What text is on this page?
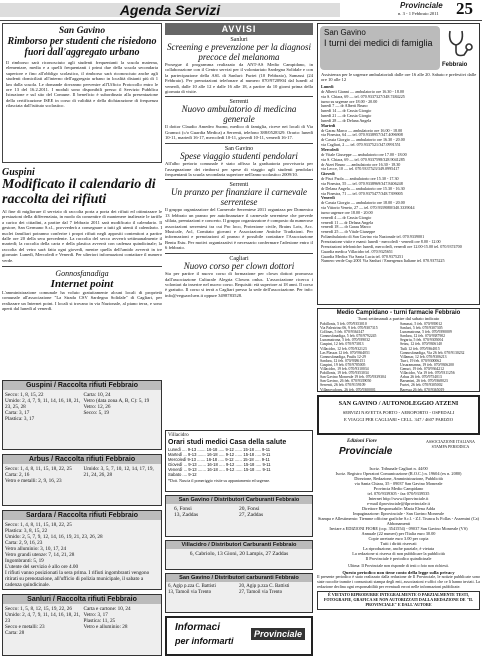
Agenda Servizi	Provinciale
n. 3 - 1 Febbraio 2011 25
San Gavino
Rimborso per studenti che risiedono fuori dall'aggregato urbano
Il rimborso sarà riconosciuto agli studenti frequentanti la scuola materna, elementare, media e a quelli frequentanti i primi due della scuola secondaria superiore e fino all'obbligo scolastico, il rimborso sarà riconosciuto anche agli studenti domiciliati all'interno dell'aggregato urbano in località distanti più di 1 km dalla scuola. Le domande dovranno pervenire all'Ufficio Protocollo entro le ore 13 del 16.2.2011. I moduli sono disponibili presso il Servizio Pubblica Istruzione e sul sito del Comune. Il beneficio è subordinato alla presentazione della certificazione ISEE in corso di validità e della dichiarazione di frequenza rilasciata dall'istituto scolastico.
Guspini
Modificato il calendario di raccolta dei rifiuti
Al fine di migliorare il servizio di raccolta porta a porta dei rifiuti ed ottimizzare le prestazioni della differenziata, in modo da consentire di mantenere inalterate le tariffe a carico dei cittadini, a partire dal 7 febbraio 2011 sarà modificato il calendario. Il gestore, San Germano S.r.l., provvederà a consegnare a tutti gli utenti il calendario. I nuclei familiari potranno conferire i propri rifiuti negli appositi contenitori a partire dalle ore 20 della sera precedente. La raccolta del secco avverrà settimanalmente il martedì; la raccolta della carta e della plastica avverrà con cadenza quindicinale; la raccolta del vetro sarà fatta ogni giovedì, mentre quella dell'umido avverrà in tre giornate: Lunedì, Mercoledì e Venerdì. Per ulteriori informazioni contattare il numero verde.
Gonnosfanadiga
Internet point
L'amministrazione comunale ha voluto gratuitamente alcuni locali di proprietà comunale all'associazione "La Strada CSV Sardegna Solidale" di Cagliari, per realizzare un Internet point. I locali si trovano in via Nazionale, al piano terra, e sono aperti dal lunedì al venerdì.
Guspini / Raccolta rifiuti Febbraio
Secco: 1, 8, 15, 22
Umido: 2, 4, 7, 9, 11, 14, 16, 18, 21, 23, 25, 28
Carta: 3, 17
Plastica: 3, 17
Carta: 10, 24
Vetro (data zona A, B, C): 5, 19
Vetro: 12, 26
Secco: 5, 19
Arbus / Raccolta rifiuti Febbraio
Secco: 1, 4, 8, 11, 15, 18, 22, 25
Carta: 2, 16
Vetro e metalli: 2, 9, 16, 23
Umido: 3, 5, 7, 10, 12, 14, 17, 19, 21, 24, 26, 28
Sardara / Raccolta rifiuti Febbraio
Secco: 1, 4, 8, 11, 15, 18, 22, 25
Plastica: 3, 8, 15, 22
Umido: 2, 5, 7, 9, 12, 14, 16, 19, 21, 23, 26, 28
Carta: 2, 9, 16, 23
Vetro alluminio: 3, 10, 17, 24
Vetro grandi utenze: 7, 14, 21, 28
Ingombranti: 5, 19
L'utente del servizio è allo ore 4.00
I rifiuti vanno posizionati la sera prima. I rifiuti ingombranti vengono ritirati su prenotazione, all'ufficio di polizia municipale, il sabato a cadenza quindicinale.
Sanluri / Raccolta rifiuti Febbraio
Secco: 1, 5, 8, 12, 15, 19, 22, 26
Umido: 2, 4, 7, 9, 11, 14, 16, 18, 21, 23
Secco e metalli: 23
Carta: 28
Carta e cartone: 10, 24
Vetro: 3, 17
Plastica: 11, 25
Vetro e alluminio: 28
AVVISI
Sanluri
Screening e prevenzione per la diagnosi precoce del melanoma
Prosegue il programma realizzato da ANT-AS Medio Campidano, in collaborazione con il Centro servizi per il volontariato Sardegna Solidale e con la partecipazione della ASL di Sanluri: Furtei (10 Febbraio), Samassi (24 Febbraio). Per prenotazioni telefonare al numero 070/9720904 dal lunedì al venerdì, dalle 10 alle 12 e dalle 16 alle 18, a partire da 10 giorni prima della giornata di visite.
Serrenti
Nuovo ambulatorio di medicina generale
Il dottor Claudio Amedeo Suono, medico di famiglia, riceve nei locali di Via Gramsci (c/o Guardia Medica) a Serrenti, telefono 388/0528329. Orario: lunedì 10-11, martedì 16-17, mercoledì 10-11, giovedì 10-11, venerdì 16-17.
San Gavino
Spese viaggio studenti pendolari
All'albo pretorio comunale è stato affisso la graduatoria provvisoria per l'assegnazione dei rimborsi per spese di viaggio agli studenti pendolari frequentanti la scuola secondaria superiore nell'anno scolastico 2009/10.
Serrenti
Un pranzo per finanziare il carnevale serrentese
Il gruppo organizzatore del Carnevale Serrentese 2011 organizza per Domenica 13 febbraio un pranzo per autofinanziare il carnevale serrentese che prevede sfilata, premiazioni e concerto. Il gruppo organizzatore è composto da numerose associazioni serrentesi tra cui Pro loco, Protezione civile, Brains Lots, Acc. Musicale, Acl, Comitato giovani e Associazione Antiche Tradizioni. Per informazioni e prenotazioni al pranzo è possibile contattare l'Associazione Bentu Estu. Per motivi organizzativi è necessario confermare l'adesione entro il 6 febbraio.
Cagliari
Nuovo corso per clown dottori
Sta per partire il nuovo corso di formazione per clown dottori promosso dall'associazione Culturale Alegria Clowns onlus. L'associazione ricerca i volontari da inserire nel nuovo corso. Requisiti: età superiore ai 18 anni. Il corso è gratuito. Il corso si terrà a Cagliari presso la sede dell'associazione. Per info: info@veguarcluvn.it oppure 3498783528.
Villacidro
Orari studi medici Casa della salute
Lunedì .... 9-13 ....... 16-18 ..... 9-12 ...... 15-18 ..... 9-11
Martedì ... 9-13 ....... 16-18 ..... 9-12 ...... 15-18 ..... 9-11
Mercoledì 9-13 ....... 16-18 ..... 9-12 ...... 15-18 ..... 9-11
Giovedì ... 9-13 ....... 16-18 ..... 9-12 ...... 15-18 ..... 9-11
Venerdì ... 9-13 ....... 16-18 ..... 9-12 ...... 15-18 ..... 9-11
Sabato .... 9-12
*Dott. Nuscia il pomeriggio visite su appuntamento ed urgenze.
San Gavino / Distributori Carburanti Febbraio
6, Fonsi
13, Zaddas
20, Fonsi
27, Zaddas
Villacidro / Distributori Carburanti Febbraio
6, Cabriolo, 13 Gioni, 20 Lampis, 27 Zaddas
San Gavino / Distributori carburanti Febbraio
6, Agip p.zza C. Battisti
13, Tamoil via Trento
20, Agip p.zza C. Battisti
27, Tamoil via Trento
Informaci
per informarti
Provinciale
San Gavino
I turni dei medici di famiglia
Febbraio
Assistenza per le urgenze ambulatoriali dalle ore 16 alle 20. Sabato e prefestivi dalle ore 10 alle 12
Lunedì
dr Alberti Gianni — ambulatorio ore 16.30 - 18.00
via S. Chiara, 69 — tel. 070.9337327/348.7484225
turno su urgenze ore 18.00 - 20.00
lunedì 7 — dr Alberti Bruno
lunedì 14 — dr Cassia Giorgio
lunedì 21 — dr Cassia Giorgio
lunedì 28 — dr Delana Angela
Martedì
dr Garau Marco — ambulatorio ore 16.00 - 18.00
via Finestra, 64 — tel. 070.9338957/347.4096908
dr Cassia Giorgio — ambulatorio ore 16.30 - 20.00
via Cagliari, 2 — tel. 070.9337521/347.0991551
Mercoledì
dr Vitale Giuseppe — ambulatorio ore 17.00 - 18.00
via S. Chiara, 69 — tel. 070.9337598/328.9041285
dr Atzei Bruno — ambulatorio ore 16.30 - 18.30
via Lecce, 10 — tel. 070.9337523/349.0995417
Giovedì
dr Pisci Paola — ambulatorio ore 15.30 - 17.30
via Finestra, 55 — tel. 070.9338969/347.8406248
dr Delana Angela — ambulatorio ore 15.30 - 16.30
via Finestra, 71 — tel. 070.9375477/348.7399005
Venerdì
dr Cassia Giorgio — ambulatorio ore 18.00 - 20.00
via Vittorio Veneto, 27 — tel. 070.9339080/340.3339044
turno urgenze ore 18.00 - 20.00
venerdì 4 — dr Cassia Giorgio
venerdì 11 — dr Delana Angela
venerdì 18 — dr Garau Marco
venerdì 25 — dr Vitale Giuseppe
Poliambulatorio di San Gavino via Nazionale tel. 070.9339001
Prenotazione visite e esami: lunedì - mercoledì - venerdì ore 8.00 - 12.00
Prenotazioni telefoniche: lunedì, mercoledì, venerdì ore 12.00-15.00 tel. 070.9374700
Guardia medica Villacidro tel. 070.9325651
Guardia Medica Via Santa Lucia tel. 070.9375251
Numero verde Cup 2001 Via Sanluri / Emergenza Italiane tel. 070.9375225
Medio Campidano - turni farmacie Febbraio
Turni settimanali a partire dal sabato indicato
Pabillonis, 5 feb. 070/9353010
Via Palestrino 06, 9 feb. 070/9307315
Collinas, 5 feb. 070/9364147
Gonnosfanadiga, 5 feb. 070/9792245
Lunamatrona, 5 feb. 070/939032
Guspini, 12 feb. 070/973013
Villacidro, 12 feb. 070/932123
Las Plassas 12 feb. 070/9364051
Gonnosfanadiga, Paulis 12-29
Sardara, 12 feb. 070/9386151
Guspini, 19 feb. 070/9785005
Villacidro, 19 feb. 070/9310034
Pabillonis, 19 feb. 070/9353034
San Gavino Monreale 19 feb. 070/9339304
San Gavino, 26 feb. 070/9339050
Serrenti, 26 feb. 070/9159109
Villanovaforru, 26 feb. 070/9300001
Samassi, 5 feb. 070/939012
Sanluri, 5 feb. 070/9307305
Lunamatrona, 5 feb. 070/9390009
Sardara, 12 feb. 070/9387902
Segariu, 5 feb. 070/9305004
Setzu, 12 feb. 070/9306140
Tuili 12 feb. 070/9364015
Gonnosfanadiga, Via 26 feb. 070/9130232
Villamar, 12 feb. 070/9306213
Turri, 19 feb. 070/9300062
Ussaramanna, 19 feb. 070/9306200
Genuri, 19 feb. 070/9364212
Villacidro, Via 19 feb. 070/9311256
Arbus 26 feb. 070/9754013
Barumini, 26 feb. 070/9368023
Furtei, 26 feb. 070/9305002
Baressa 26 feb. 070/9365019
SAN GAVINO / AUTONOLEGGIO ATZENI
SERVIZI NAVETTA PORTO - AEROPORTO - OSPEDALI
E VIAGGI PER CAGLIARI • CELL. 347 / 4607 PARIZIO
Edizioni Fiore
Provinciale
ASSOCIAZIONE ITALIANA STAMPA PERIODICA
Iscriz. Tribunale Cagliari n. 44/00
Iscriz. Registro Operatori Comunicazione (R.O.C.) n. 19604 (ex n. 2080)
Direzione, Redazione, Amministrazione, Pubblicità
via Santa Chiara, 35 - 09037 San Gavino Monreale
Provincia Medio Campidano
tel. 070/9339305 - fax 070/9339535
Internet http://www.ilprovinciale.it
e-mail ilprovinciale@ilprovinciale.it
Direttore Responsabile: Maria Elena Adda
Impaginazione: Ilprovinciale - San Gavino Monreale
Stampa e Allestimento: Tiemme officine grafiche S.r.l. - Z.I. Truncu Is Follas - Assemini (Ca)
Abbonamenti
Inviare a EDIZIONI FIORE (ccp. 3541554) - 09037 San Gavino Monreale (VS)
Annuale (22 numeri) per l'Italia euro 30.00
Copie arretrate euro 3.00 per copia
Tutti i diritti riservati
La riproduzione, anche parziale, è vietata
La redazione si riserva di non pubblicare la pubblicità
Il Provinciale è periodico quindicinale
Ultima: Il Provinciale non risponde di testi o foto non richiesti.
Questo periodico non tiene conto della legge sulla privacy
Il presente periodico è stato realizzato dalla redazione de Il Provinciale, le notizie pubblicate sono state raccolte tramite i comunicati stampa degli enti, associazioni e uffici che ce li hanno inviati. La redazione declina ogni responsabilità per eventuali errori nelle informazioni pubblicate.
È VIETATO RIPRODURRE INTEGRALMENTE O PARZIALMENTE TESTI, FOTOGRAFIE, GRAFICA SE NON AUTORIZZATI DALLA REDAZIONE DE "IL PROVINCIALE" E DALL'AUTORE
